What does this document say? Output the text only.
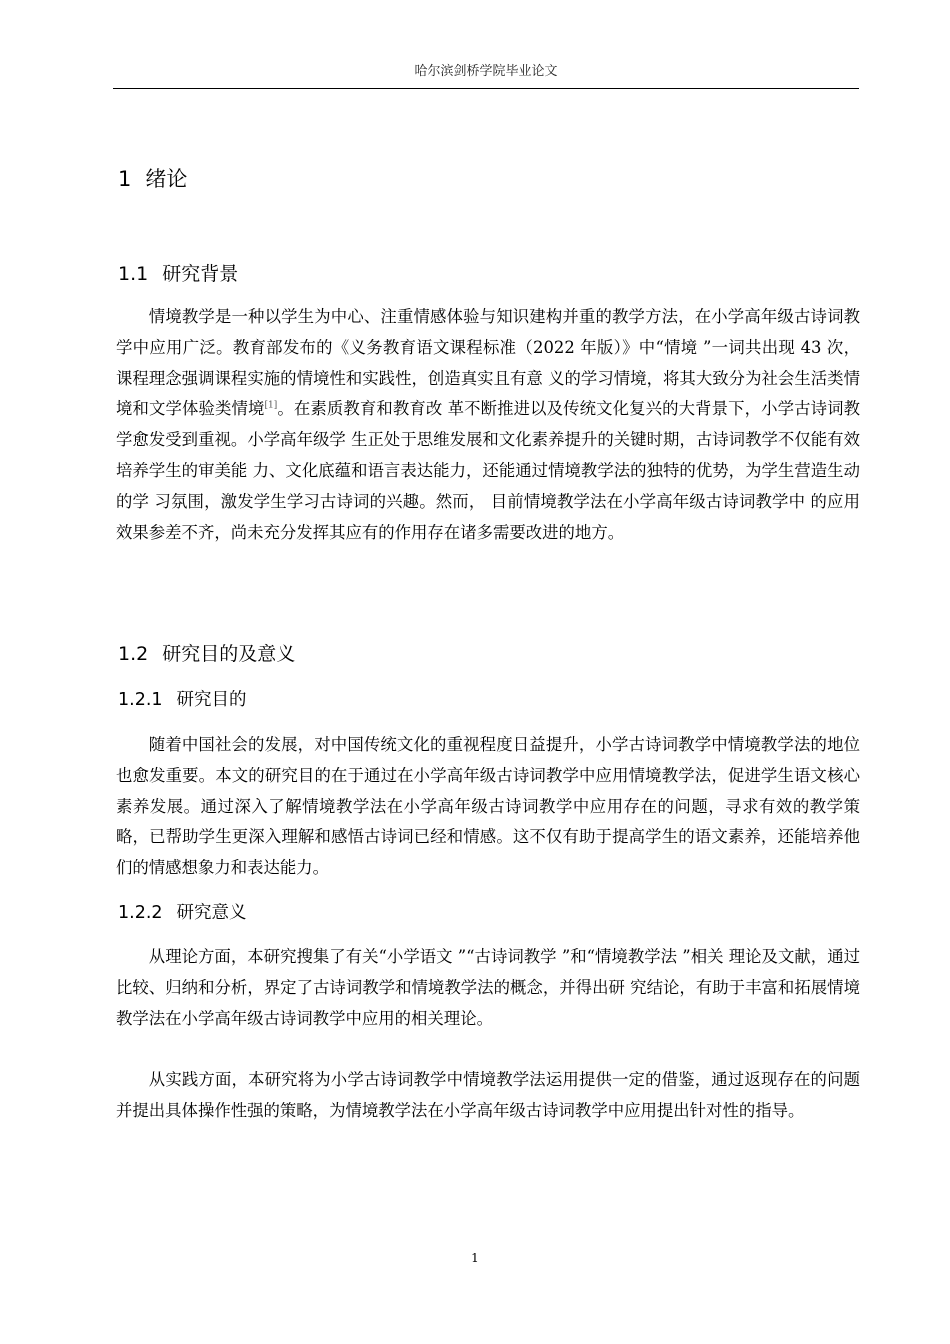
哈尔滨剑桥学院毕业论文
1 绪论
1.1 研究背景

情境教学是一种以学生为中心、注重情感体验与知识建构并重的教学方法，在小学高年级古诗词教学中应用广泛。教育部发布的《义务教育语文课程标准（2022 年版）》中“情境 ”一词共出现 43 次，课程理念强调课程实施的情境性和实践性，创造真实且有意 义的学习情境，将其大致分为社会生活类情境和文学体验类情境[1]。在素质教育和教育改 革不断推进以及传统文化复兴的大背景下，小学古诗词教学愈发受到重视。小学高年级学 生正处于思维发展和文化素养提升的关键时期，古诗词教学不仅能有效培养学生的审美能 力、文化底蕴和语言表达能力，还能通过情境教学法的独特的优势，为学生营造生动的学 习氛围，激发学生学习古诗词的兴趣。然而， 目前情境教学法在小学高年级古诗词教学中 的应用效果参差不齐，尚未充分发挥其应有的作用存在诸多需要改进的地方。

1.2 研究目的及意义
1.2.1 研究目的

随着中国社会的发展，对中国传统文化的重视程度日益提升，小学古诗词教学中情境教学法的地位也愈发重要。本文的研究目的在于通过在小学高年级古诗词教学中应用情境教学法，促进学生语文核心素养发展。通过深入了解情境教学法在小学高年级古诗词教学中应用存在的问题，寻求有效的教学策略，已帮助学生更深入理解和感悟古诗词已经和情感。这不仅有助于提高学生的语文素养，还能培养他们的情感想象力和表达能力。

1.2.2 研究意义

从理论方面，本研究搜集了有关“小学语文 ”“古诗词教学 ”和“情境教学法 ”相关 理论及文献，通过比较、归纳和分析，界定了古诗词教学和情境教学法的概念，并得出研 究结论，有助于丰富和拓展情境教学法在小学高年级古诗词教学中应用的相关理论。

从实践方面，本研究将为小学古诗词教学中情境教学法运用提供一定的借鉴，通过返现存在的问题并提出具体操作性强的策略，为情境教学法在小学高年级古诗词教学中应用提出针对性的指导。

1
